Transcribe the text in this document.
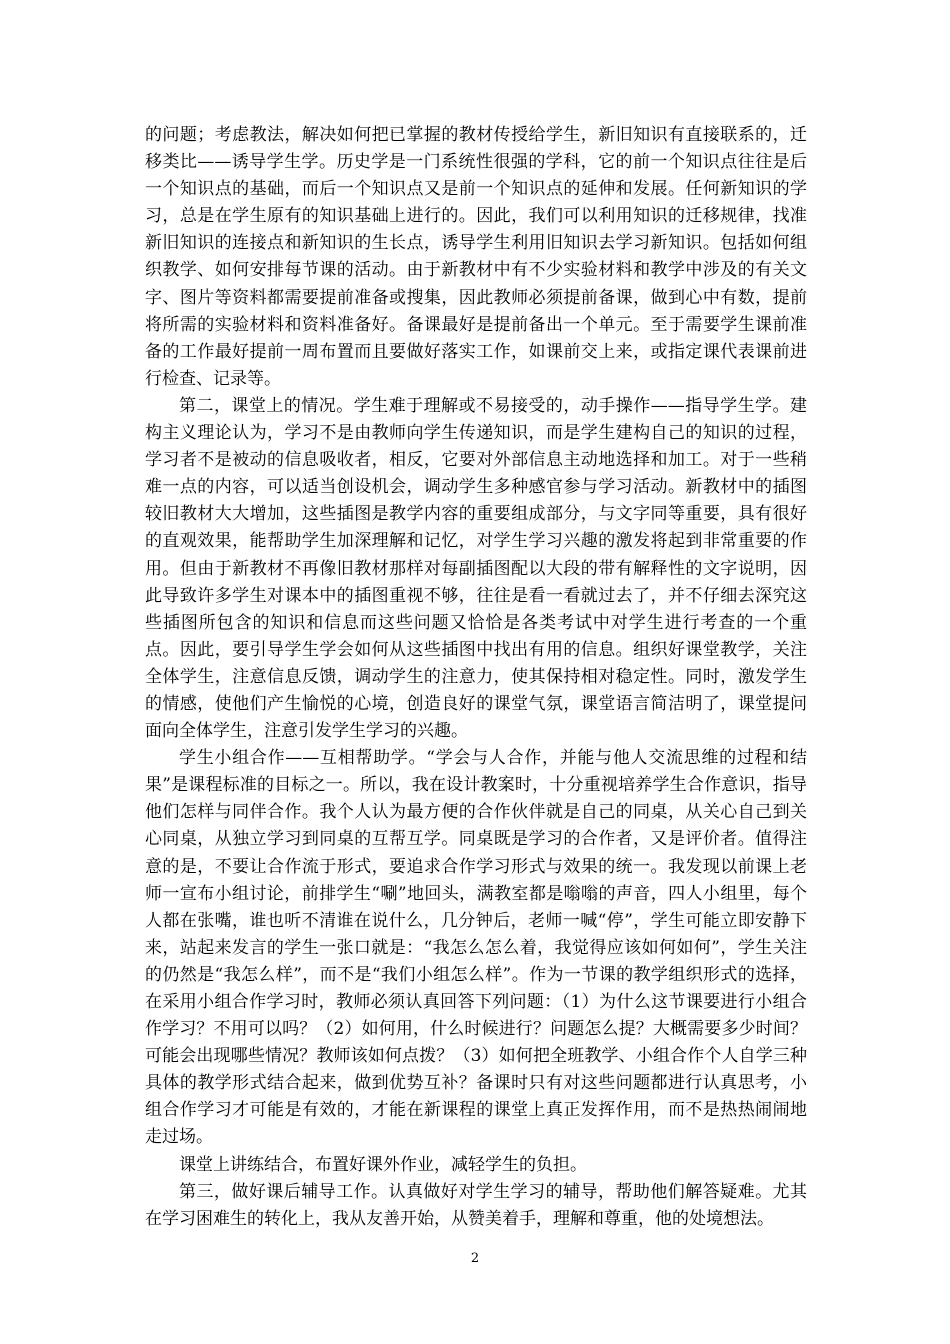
的问题；考虑教法，解决如何把已掌握的教材传授给学生，新旧知识有直接联系的，迁移类比——诱导学生学。历史学是一门系统性很强的学科，它的前一个知识点往往是后一个知识点的基础，而后一个知识点又是前一个知识点的延伸和发展。任何新知识的学习，总是在学生原有的知识基础上进行的。因此，我们可以利用知识的迁移规律，找准新旧知识的连接点和新知识的生长点，诱导学生利用旧知识去学习新知识。包括如何组织教学、如何安排每节课的活动。由于新教材中有不少实验材料和教学中涉及的有关文字、图片等资料都需要提前准备或搜集，因此教师必须提前备课，做到心中有数，提前将所需的实验材料和资料准备好。备课最好是提前备出一个单元。至于需要学生课前准备的工作最好提前一周布置而且要做好落实工作，如课前交上来，或指定课代表课前进行检查、记录等。

第二，课堂上的情况。学生难于理解或不易接受的，动手操作——指导学生学。建构主义理论认为，学习不是由教师向学生传递知识，而是学生建构自己的知识的过程，学习者不是被动的信息吸收者，相反，它要对外部信息主动地选择和加工。对于一些稍难一点的内容，可以适当创设机会，调动学生多种感官参与学习活动。新教材中的插图较旧教材大大增加，这些插图是教学内容的重要组成部分，与文字同等重要，具有很好的直观效果，能帮助学生加深理解和记忆，对学生学习兴趣的激发将起到非常重要的作用。但由于新教材不再像旧教材那样对每副插图配以大段的带有解释性的文字说明，因此导致许多学生对课本中的插图重视不够，往往是看一看就过去了，并不仔细去深究这些插图所包含的知识和信息而这些问题又恰恰是各类考试中对学生进行考查的一个重点。因此，要引导学生学会如何从这些插图中找出有用的信息。组织好课堂教学，关注全体学生，注意信息反馈，调动学生的注意力，使其保持相对稳定性。同时，激发学生的情感，使他们产生愉悦的心境，创造良好的课堂气氛，课堂语言简洁明了，课堂提问面向全体学生，注意引发学生学习的兴趣。

学生小组合作——互相帮助学。“学会与人合作，并能与他人交流思维的过程和结果”是课程标准的目标之一。所以，我在设计教案时，十分重视培养学生合作意识，指导他们怎样与同伴合作。我个人认为最方便的合作伙伴就是自己的同桌，从关心自己到关心同桌，从独立学习到同桌的互帮互学。同桌既是学习的合作者，又是评价者。值得注意的是，不要让合作流于形式，要追求合作学习形式与效果的统一。我发现以前课上老师一宣布小组讨论，前排学生“唰”地回头，满教室都是嗡嗡的声音，四人小组里，每个人都在张嘴，谁也听不清谁在说什么，几分钟后，老师一喊“停”，学生可能立即安静下来，站起来发言的学生一张口就是：“我怎么怎么着，我觉得应该如何如何”，学生关注的仍然是“我怎么样”，而不是“我们小组怎么样”。作为一节课的教学组织形式的选择，在采用小组合作学习时，教师必须认真回答下列问题：（1）为什么这节课要进行小组合作学习？不用可以吗？（2）如何用，什么时候进行？问题怎么提？大概需要多少时间？可能会出现哪些情况？教师该如何点拨？（3）如何把全班教学、小组合作个人自学三种具体的教学形式结合起来，做到优势互补？备课时只有对这些问题都进行认真思考，小组合作学习才可能是有效的，才能在新课程的课堂上真正发挥作用，而不是热热闹闹地走过场。

课堂上讲练结合，布置好课外作业，减轻学生的负担。

第三，做好课后辅导工作。认真做好对学生学习的辅导，帮助他们解答疑难。尤其在学习困难生的转化上，我从友善开始，从赞美着手，理解和尊重，他的处境想法。

2
